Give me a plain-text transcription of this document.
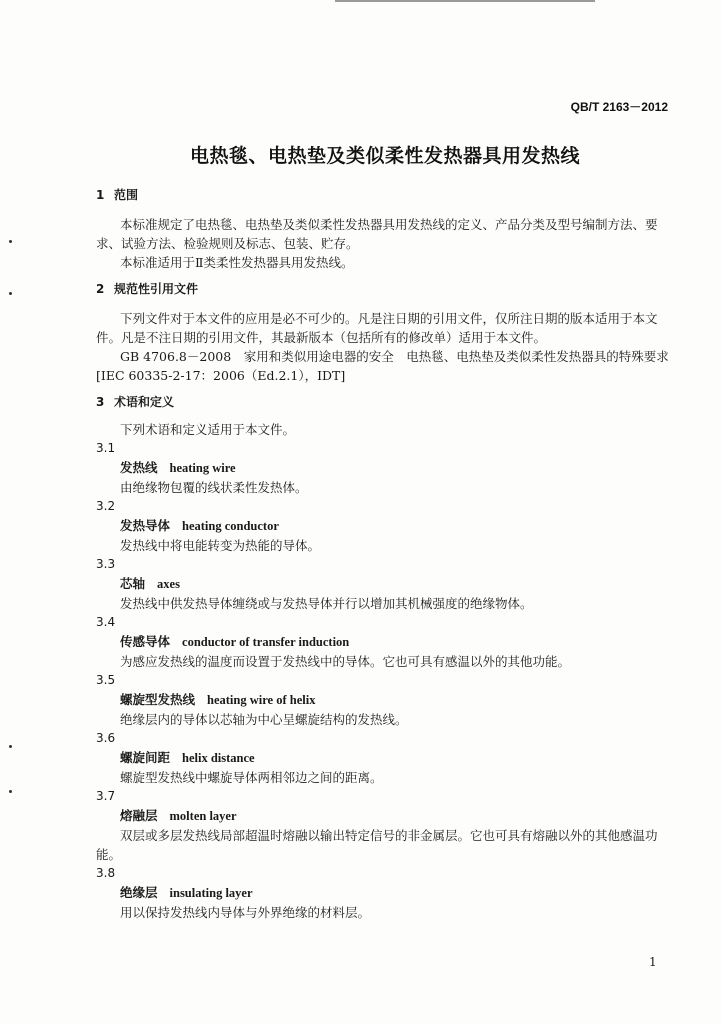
QB/T 2163－2012
电热毯、电热垫及类似柔性发热器具用发热线
1 范围
本标准规定了电热毯、电热垫及类似柔性发热器具用发热线的定义、产品分类及型号编制方法、要
求、试验方法、检验规则及标志、包装、贮存。
本标准适用于Ⅱ类柔性发热器具用发热线。
2 规范性引用文件
下列文件对于本文件的应用是必不可少的。凡是注日期的引用文件，仅所注日期的版本适用于本文
件。凡是不注日期的引用文件，其最新版本（包括所有的修改单）适用于本文件。
GB 4706.8－2008　家用和类似用途电器的安全　电热毯、电热垫及类似柔性发热器具的特殊要求
[IEC 60335-2-17：2006（Ed.2.1），IDT]
3 术语和定义
下列术语和定义适用于本文件。
3.1
发热线 heating wire
由绝缘物包覆的线状柔性发热体。
3.2
发热导体 heating conductor
发热线中将电能转变为热能的导体。
3.3
芯轴 axes
发热线中供发热导体缠绕或与发热导体并行以增加其机械强度的绝缘物体。
3.4
传感导体 conductor of transfer induction
为感应发热线的温度而设置于发热线中的导体。它也可具有感温以外的其他功能。
3.5
螺旋型发热线 heating wire of helix
绝缘层内的导体以芯轴为中心呈螺旋结构的发热线。
3.6
螺旋间距 helix distance
螺旋型发热线中螺旋导体两相邻边之间的距离。
3.7
熔融层 molten layer
双层或多层发热线局部超温时熔融以输出特定信号的非金属层。它也可具有熔融以外的其他感温功
能。
3.8
绝缘层 insulating layer
用以保持发热线内导体与外界绝缘的材料层。
1
